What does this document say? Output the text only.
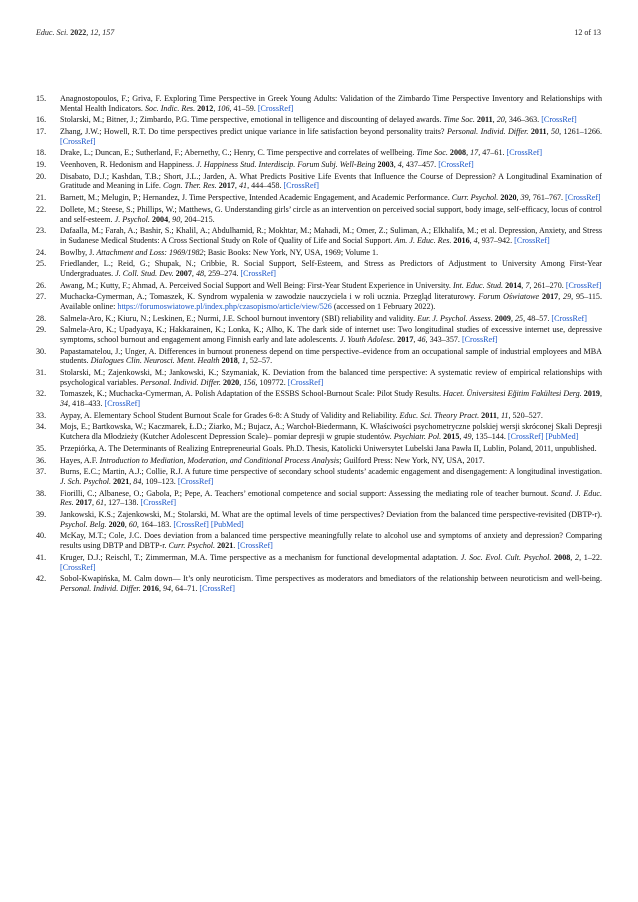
Educ. Sci. 2022, 12, 157	12 of 13
15. Anagnostopoulos, F.; Griva, F. Exploring Time Perspective in Greek Young Adults: Validation of the Zimbardo Time Perspective Inventory and Relationships with Mental Health Indicators. Soc. Indic. Res. 2012, 106, 41–59. [CrossRef]
16. Stolarski, M.; Bitner, J.; Zimbardo, P.G. Time perspective, emotional in telligence and discounting of delayed awards. Time Soc. 2011, 20, 346–363. [CrossRef]
17. Zhang, J.W.; Howell, R.T. Do time perspectives predict unique variance in life satisfaction beyond personality traits? Personal. Individ. Differ. 2011, 50, 1261–1266. [CrossRef]
18. Drake, L.; Duncan, E.; Sutherland, F.; Abernethy, C.; Henry, C. Time perspective and correlates of wellbeing. Time Soc. 2008, 17, 47–61. [CrossRef]
19. Veenhoven, R. Hedonism and Happiness. J. Happiness Stud. Interdiscip. Forum Subj. Well-Being 2003, 4, 437–457. [CrossRef]
20. Disabato, D.J.; Kashdan, T.B.; Short, J.L.; Jarden, A. What Predicts Positive Life Events that Influence the Course of Depression? A Longitudinal Examination of Gratitude and Meaning in Life. Cogn. Ther. Res. 2017, 41, 444–458. [CrossRef]
21. Barnett, M.; Melugin, P.; Hernandez, J. Time Perspective, Intended Academic Engagement, and Academic Performance. Curr. Psychol. 2020, 39, 761–767. [CrossRef]
22. Dollete, M.; Steese, S.; Phillips, W.; Matthews, G. Understanding girls’ circle as an intervention on perceived social support, body image, self-efficacy, locus of control and self-esteem. J. Psychol. 2004, 90, 204–215.
23. Dafaalla, M.; Farah, A.; Bashir, S.; Khalil, A.; Abdulhamid, R.; Mokhtar, M.; Mahadi, M.; Omer, Z.; Suliman, A.; Elkhalifa, M.; et al. Depression, Anxiety, and Stress in Sudanese Medical Students: A Cross Sectional Study on Role of Quality of Life and Social Support. Am. J. Educ. Res. 2016, 4, 937–942. [CrossRef]
24. Bowlby, J. Attachment and Loss: 1969/1982; Basic Books: New York, NY, USA, 1969; Volume 1.
25. Friedlander, L.; Reid, G.; Shupak, N.; Cribbie, R. Social Support, Self-Esteem, and Stress as Predictors of Adjustment to University Among First-Year Undergraduates. J. Coll. Stud. Dev. 2007, 48, 259–274. [CrossRef]
26. Awang, M.; Kutty, F.; Ahmad, A. Perceived Social Support and Well Being: First-Year Student Experience in University. Int. Educ. Stud. 2014, 7, 261–270. [CrossRef]
27. Muchacka-Cymerman, A.; Tomaszek, K. Syndrom wypalenia w zawodzie nauczyciela i w roli ucznia. Przegląd literaturowy. Forum Oświatowe 2017, 29, 95–115. Available online: https://forumoswiatowe.pl/index.php/czasopismo/article/view/526 (accessed on 1 February 2022).
28. Salmela-Aro, K.; Kiuru, N.; Leskinen, E.; Nurmi, J.E. School burnout inventory (SBI) reliability and validity. Eur. J. Psychol. Assess. 2009, 25, 48–57. [CrossRef]
29. Salmela-Aro, K.; Upadyaya, K.; Hakkarainen, K.; Lonka, K.; Alho, K. The dark side of internet use: Two longitudinal studies of excessive internet use, depressive symptoms, school burnout and engagement among Finnish early and late adolescents. J. Youth Adolesc. 2017, 46, 343–357. [CrossRef]
30. Papastamatelou, J.; Unger, A. Differences in burnout proneness depend on time perspective–evidence from an occupational sample of industrial employees and MBA students. Dialogues Clin. Neurosci. Ment. Health 2018, 1, 52–57.
31. Stolarski, M.; Zajenkowski, M.; Jankowski, K.; Szymaniak, K. Deviation from the balanced time perspective: A systematic review of empirical relationships with psychological variables. Personal. Individ. Differ. 2020, 156, 109772. [CrossRef]
32. Tomaszek, K.; Muchacka-Cymerman, A. Polish Adaptation of the ESSBS School-Burnout Scale: Pilot Study Results. Hacet. Üniversitesi Eğitim Fakültesi Derg. 2019, 34, 418–433. [CrossRef]
33. Aypay, A. Elementary School Student Burnout Scale for Grades 6-8: A Study of Validity and Reliability. Educ. Sci. Theory Pract. 2011, 11, 520–527.
34. Mojs, E.; Bartkowska, W.; Kaczmarek, Ł.D.; Ziarko, M.; Bujacz, A.; Warchoł-Biedermann, K. Właściwości psychometryczne polskiej wersji skróconej Skali Depresji Kutchera dla Młodzieży (Kutcher Adolescent Depression Scale)– pomiar depresji w grupie studentów. Psychiatr. Pol. 2015, 49, 135–144. [CrossRef] [PubMed]
35. Przepiórka, A. The Determinants of Realizing Entrepreneurial Goals. Ph.D. Thesis, Katolicki Uniwersytet Lubelski Jana Pawła II, Lublin, Poland, 2011, unpublished.
36. Hayes, A.F. Introduction to Mediation, Moderation, and Conditional Process Analysis; Guilford Press: New York, NY, USA, 2017.
37. Burns, E.C.; Martin, A.J.; Collie, R.J. A future time perspective of secondary school students’ academic engagement and disengagement: A longitudinal investigation. J. Sch. Psychol. 2021, 84, 109–123. [CrossRef]
38. Fiorilli, C.; Albanese, O.; Gabola, P.; Pepe, A. Teachers’ emotional competence and social support: Assessing the mediating role of teacher burnout. Scand. J. Educ. Res. 2017, 61, 127–138. [CrossRef]
39. Jankowski, K.S.; Zajenkowski, M.; Stolarski, M. What are the optimal levels of time perspectives? Deviation from the balanced time perspective-revisited (DBTP-r). Psychol. Belg. 2020, 60, 164–183. [CrossRef] [PubMed]
40. McKay, M.T.; Cole, J.C. Does deviation from a balanced time perspective meaningfully relate to alcohol use and symptoms of anxiety and depression? Comparing results using DBTP and DBTP-r. Curr. Psychol. 2021. [CrossRef]
41. Kruger, D.J.; Reischl, T.; Zimmerman, M.A. Time perspective as a mechanism for functional developmental adaptation. J. Soc. Evol. Cult. Psychol. 2008, 2, 1–22. [CrossRef]
42. Sobol-Kwapińska, M. Calm down— It’s only neuroticism. Time perspectives as moderators and bmediators of the relationship between neuroticism and well-being. Personal. Individ. Differ. 2016, 94, 64–71. [CrossRef]
